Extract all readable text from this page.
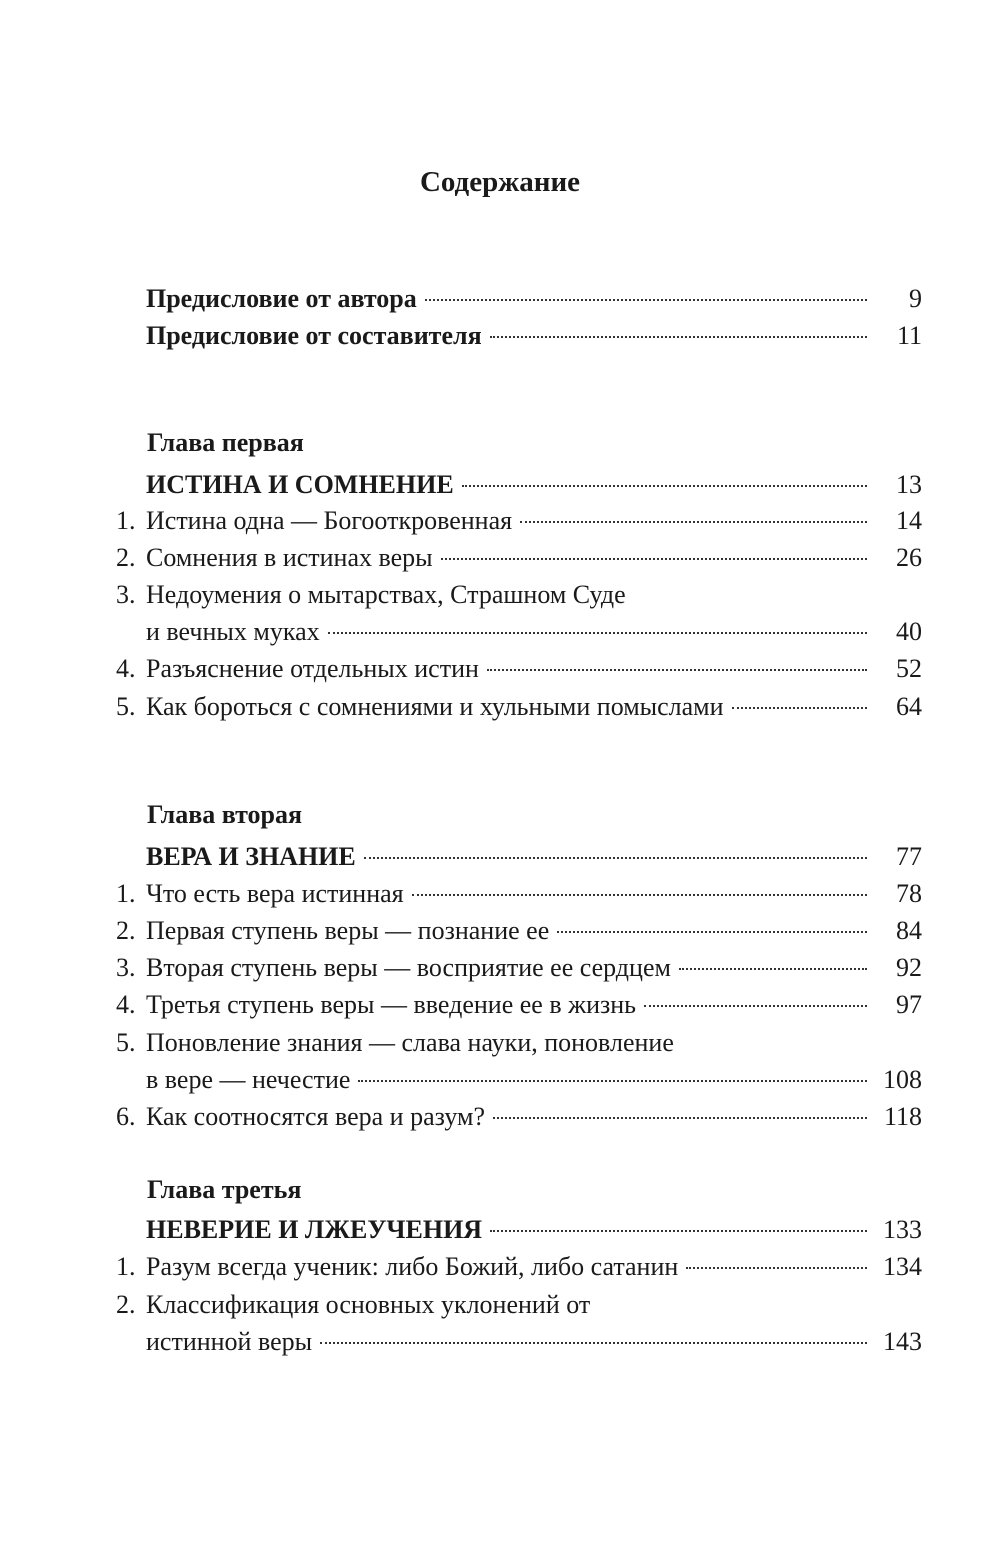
Содержание
Предисловие от автора	9
Предисловие от составителя	11
Глава первая
ИСТИНА И СОМНЕНИЕ	13
1. Истина одна — Богооткровенная	14
2. Сомнения в истинах веры	26
3. Недоумения о мытарствах, Страшном Суде
и вечных муках	40
4. Разъяснение отдельных истин	52
5. Как бороться с сомнениями и хульными помыслами	64
Глава вторая
ВЕРА И ЗНАНИЕ	77
1. Что есть вера истинная	78
2. Первая ступень веры — познание ее	84
3. Вторая ступень веры — восприятие ее сердцем	92
4. Третья ступень веры — введение ее в жизнь	97
5. Поновление знания — слава науки, поновление
в вере — нечестие	108
6. Как соотносятся вера и разум?	118
Глава третья
НЕВЕРИЕ И ЛЖЕУЧЕНИЯ	133
1. Разум всегда ученик: либо Божий, либо сатанин	134
2. Классификация основных уклонений от
истинной веры	143
